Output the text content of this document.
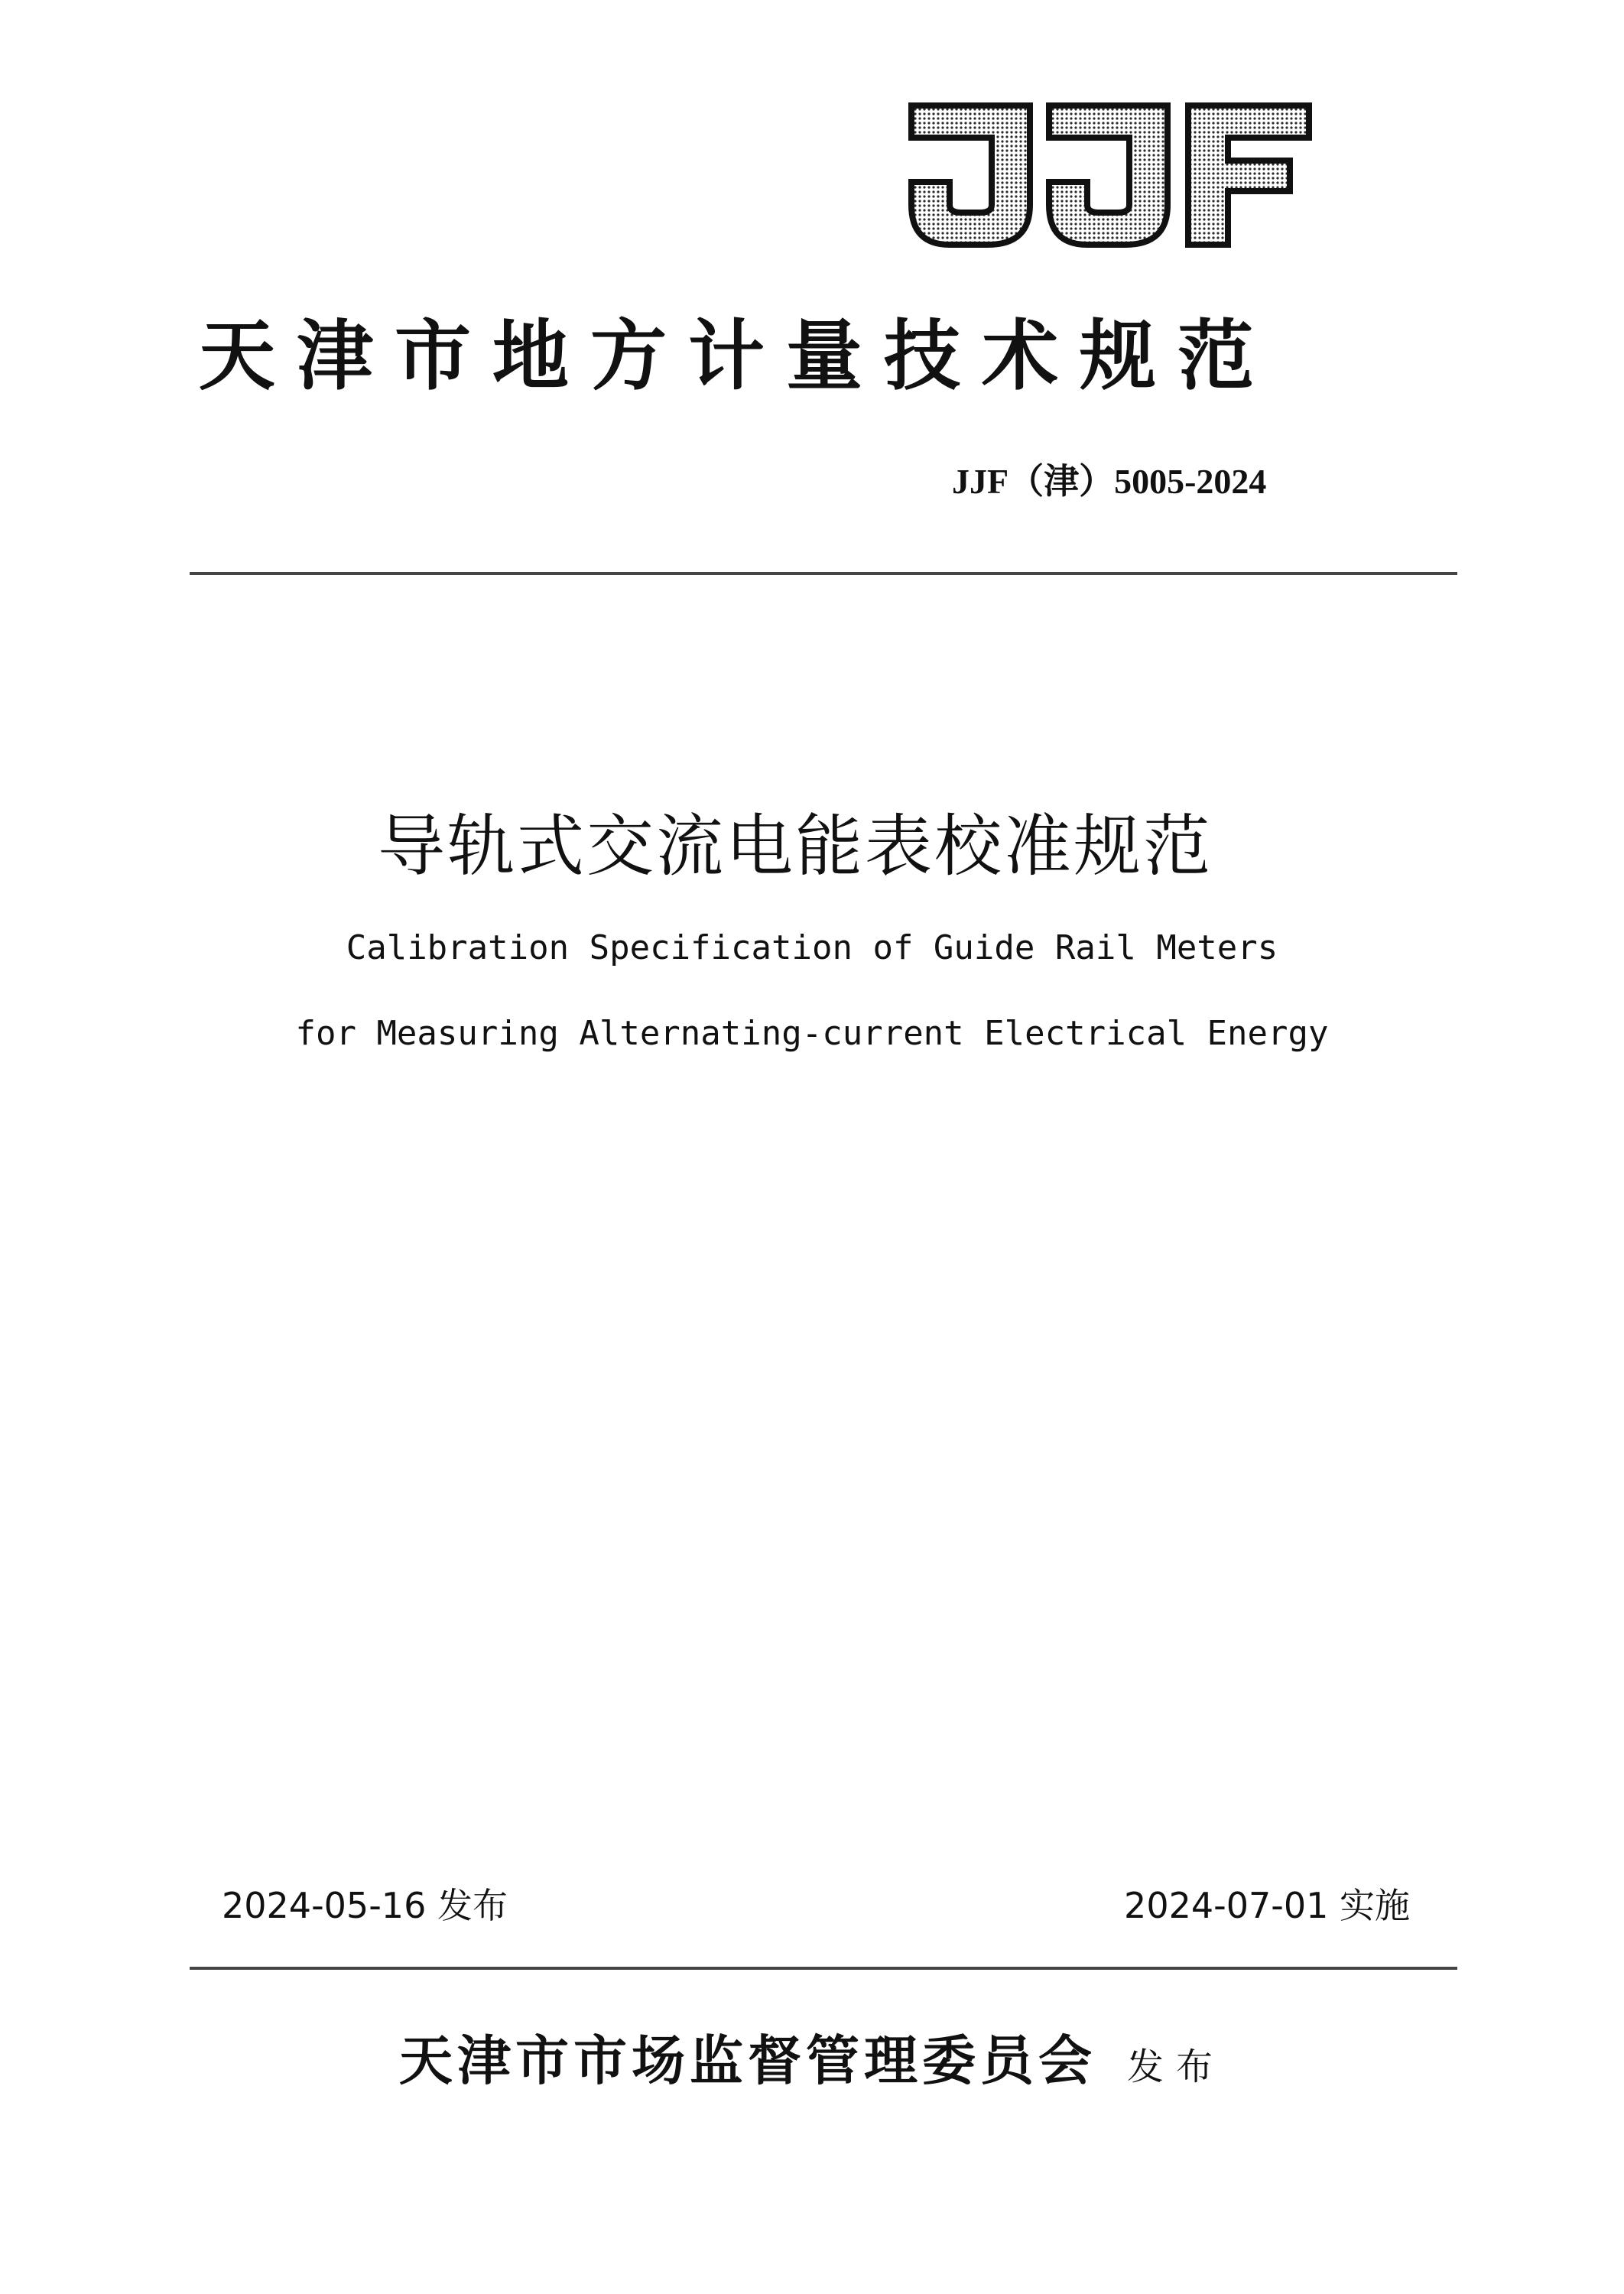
天津市地方计量技术规范
JJF（津）5005-2024
导轨式交流电能表校准规范
Calibration Specification of Guide Rail Meters
for Measuring Alternating-current Electrical Energy
2024-05-16 发布	2024-07-01 实施
天津市市场监督管理委员会 发布
